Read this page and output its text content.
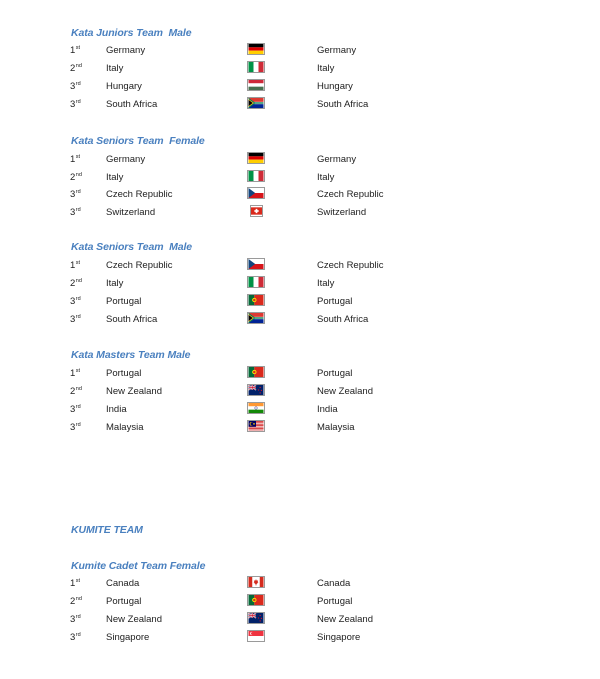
Kata Juniors Team  Male
1st	Germany	Germany
2nd	Italy	Italy
3rd	Hungary	Hungary
3rd	South Africa	South Africa
Kata Seniors Team  Female
1st	Germany	Germany
2nd	Italy	Italy
3rd	Czech Republic	Czech Republic
3rd	Switzerland	Switzerland
Kata Seniors Team  Male
1st	Czech Republic	Czech Republic
2nd	Italy	Italy
3rd	Portugal	Portugal
3rd	South Africa	South Africa
Kata Masters Team Male
1st	Portugal	Portugal
2nd	New Zealand	New Zealand
3rd	India	India
3rd	Malaysia	Malaysia
KUMITE TEAM
Kumite Cadet Team Female
1st	Canada	Canada
2nd	Portugal	Portugal
3rd	New Zealand	New Zealand
3rd	Singapore	Singapore
